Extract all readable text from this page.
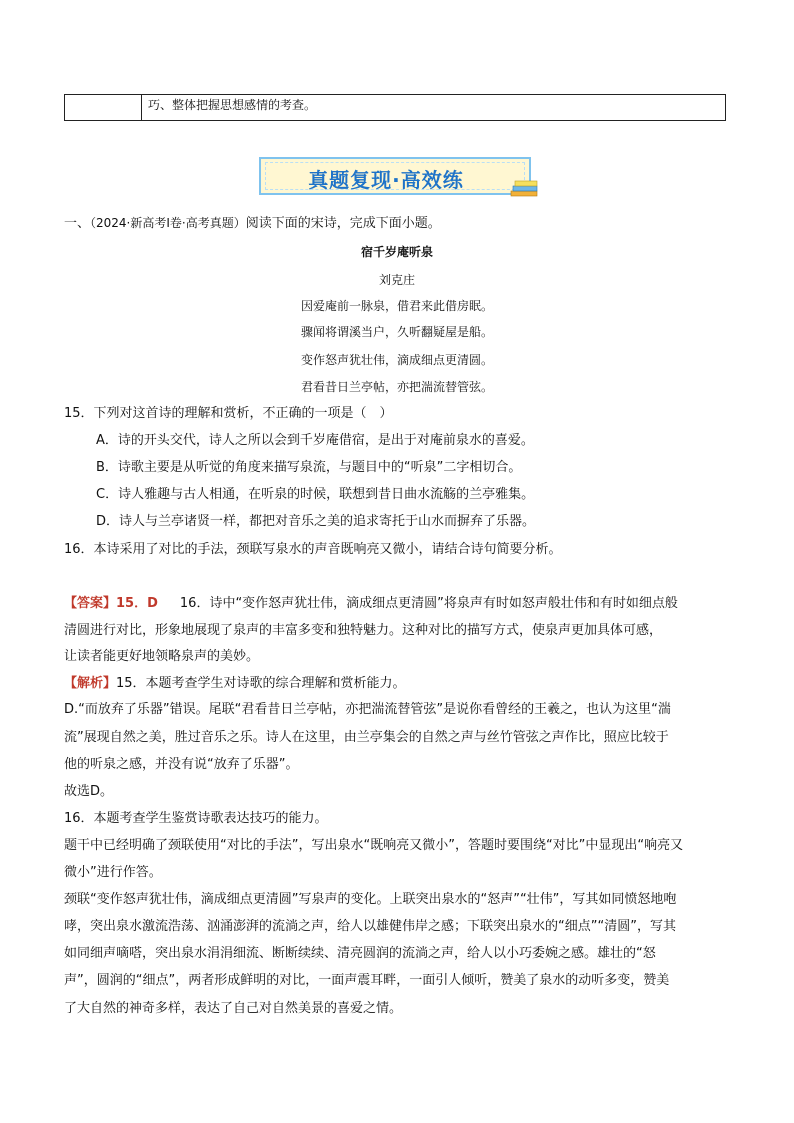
巧、整体把握思想感情的考查。
真题复现·高效练
一、（2024·新高考Ⅰ卷·高考真题）阅读下面的宋诗，完成下面小题。
宿千岁庵听泉
刘克庄
因爱庵前一脉泉，借君来此借房眠。
骤闻将谓溪当户，久听翻疑屋是船。
变作怒声犹壮伟，滴成细点更清圆。
君看昔日兰亭帖，亦把湍流替管弦。
15．下列对这首诗的理解和赏析，不正确的一项是（　）
A．诗的开头交代，诗人之所以会到千岁庵借宿，是出于对庵前泉水的喜爱。
B．诗歌主要是从听觉的角度来描写泉流，与题目中的“听泉”二字相切合。
C．诗人雅趣与古人相通，在听泉的时候，联想到昔日曲水流觞的兰亭雅集。
D．诗人与兰亭诸贤一样，都把对音乐之美的追求寄托于山水而摒弃了乐器。
16．本诗采用了对比的手法，颈联写泉水的声音既响亮又微小，请结合诗句简要分析。
【答案】15．D 16．诗中“变作怒声犹壮伟，滴成细点更清圆”将泉声有时如怒声般壮伟和有时如细点般
清圆进行对比，形象地展现了泉声的丰富多变和独特魅力。这种对比的描写方式，使泉声更加具体可感，
让读者能更好地领略泉声的美妙。
【解析】15．本题考查学生对诗歌的综合理解和赏析能力。
D.“而放弃了乐器”错误。尾联“君看昔日兰亭帖，亦把湍流替管弦”是说你看曾经的王羲之，也认为这里“湍
流”展现自然之美，胜过音乐之乐。诗人在这里，由兰亭集会的自然之声与丝竹管弦之声作比，照应比较于
他的听泉之感，并没有说“放弃了乐器”。
故选D。
16．本题考查学生鉴赏诗歌表达技巧的能力。
题干中已经明确了颈联使用“对比的手法”，写出泉水“既响亮又微小”，答题时要围绕“对比”中显现出“响亮又
微小”进行作答。
颈联“变作怒声犹壮伟，滴成细点更清圆”写泉声的变化。上联突出泉水的“怒声”“壮伟”，写其如同愤怒地咆
哮，突出泉水激流浩荡、汹涌澎湃的流淌之声，给人以雄健伟岸之感；下联突出泉水的“细点”“清圆”，写其
如同细声嘀嗒，突出泉水涓涓细流、断断续续、清亮圆润的流淌之声，给人以小巧委婉之感。雄壮的“怒
声”，圆润的“细点”，两者形成鲜明的对比，一面声震耳畔，一面引人倾听，赞美了泉水的动听多变，赞美
了大自然的神奇多样，表达了自己对自然美景的喜爱之情。
